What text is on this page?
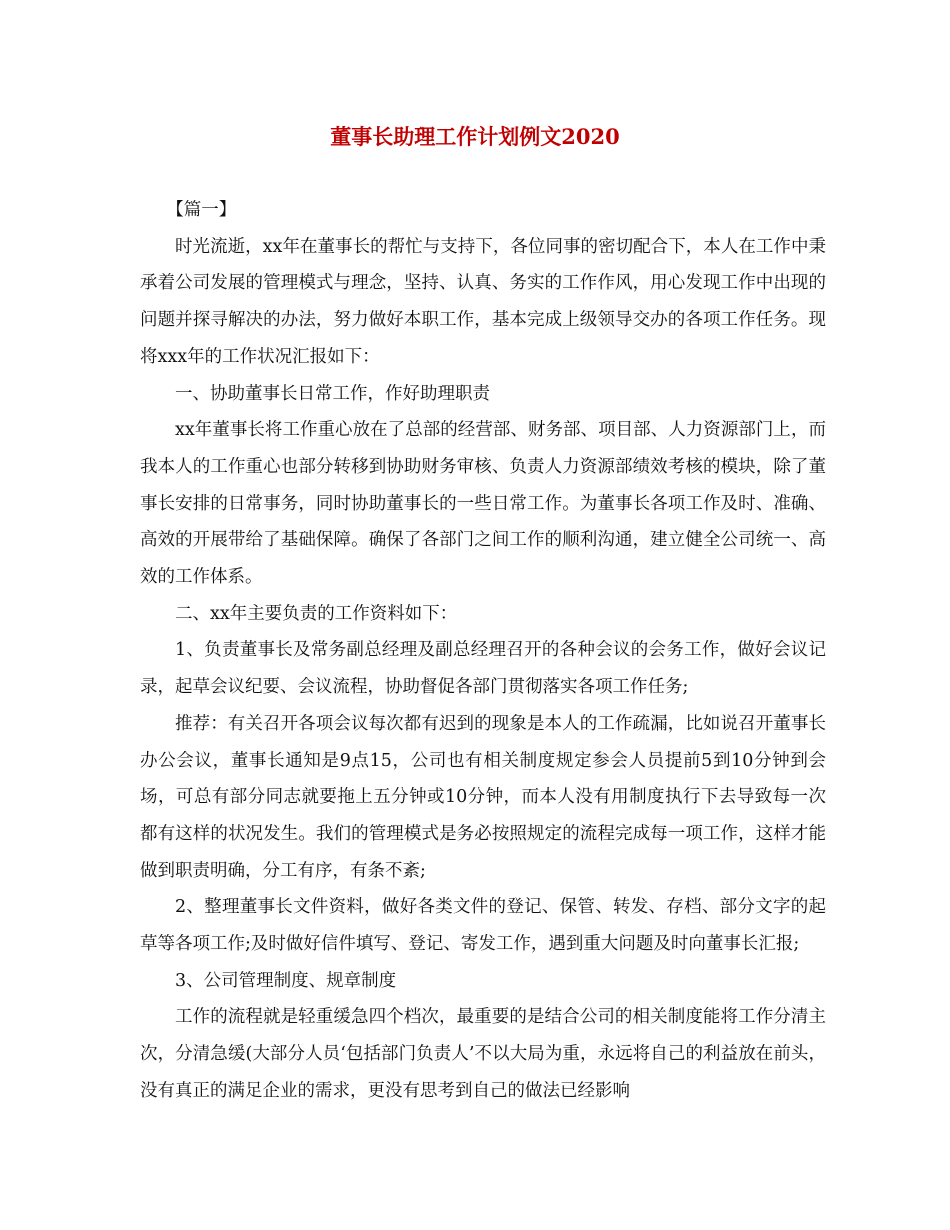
董事长助理工作计划例文2020

【篇一】

时光流逝，xx年在董事长的帮忙与支持下，各位同事的密切配合下，本人在工作中秉承着公司发展的管理模式与理念，坚持、认真、务实的工作作风，用心发现工作中出现的问题并探寻解决的办法，努力做好本职工作，基本完成上级领导交办的各项工作任务。现将xxx年的工作状况汇报如下：

一、协助董事长日常工作，作好助理职责

xx年董事长将工作重心放在了总部的经营部、财务部、项目部、人力资源部门上，而我本人的工作重心也部分转移到协助财务审核、负责人力资源部绩效考核的模块，除了董事长安排的日常事务，同时协助董事长的一些日常工作。为董事长各项工作及时、准确、高效的开展带给了基础保障。确保了各部门之间工作的顺利沟通，建立健全公司统一、高效的工作体系。

二、xx年主要负责的工作资料如下：

1、负责董事长及常务副总经理及副总经理召开的各种会议的会务工作，做好会议记录，起草会议纪要、会议流程，协助督促各部门贯彻落实各项工作任务;

推荐：有关召开各项会议每次都有迟到的现象是本人的工作疏漏，比如说召开董事长办公会议，董事长通知是9点15，公司也有相关制度规定参会人员提前5到10分钟到会场，可总有部分同志就要拖上五分钟或10分钟，而本人没有用制度执行下去导致每一次都有这样的状况发生。我们的管理模式是务必按照规定的流程完成每一项工作，这样才能做到职责明确，分工有序，有条不紊;

2、整理董事长文件资料，做好各类文件的登记、保管、转发、存档、部分文字的起草等各项工作;及时做好信件填写、登记、寄发工作，遇到重大问题及时向董事长汇报;

3、公司管理制度、规章制度

工作的流程就是轻重缓急四个档次，最重要的是结合公司的相关制度能将工作分清主次，分清急缓(大部分人员‘包括部门负责人’不以大局为重，永远将自己的利益放在前头，没有真正的满足企业的需求，更没有思考到自己的做法已经影响
